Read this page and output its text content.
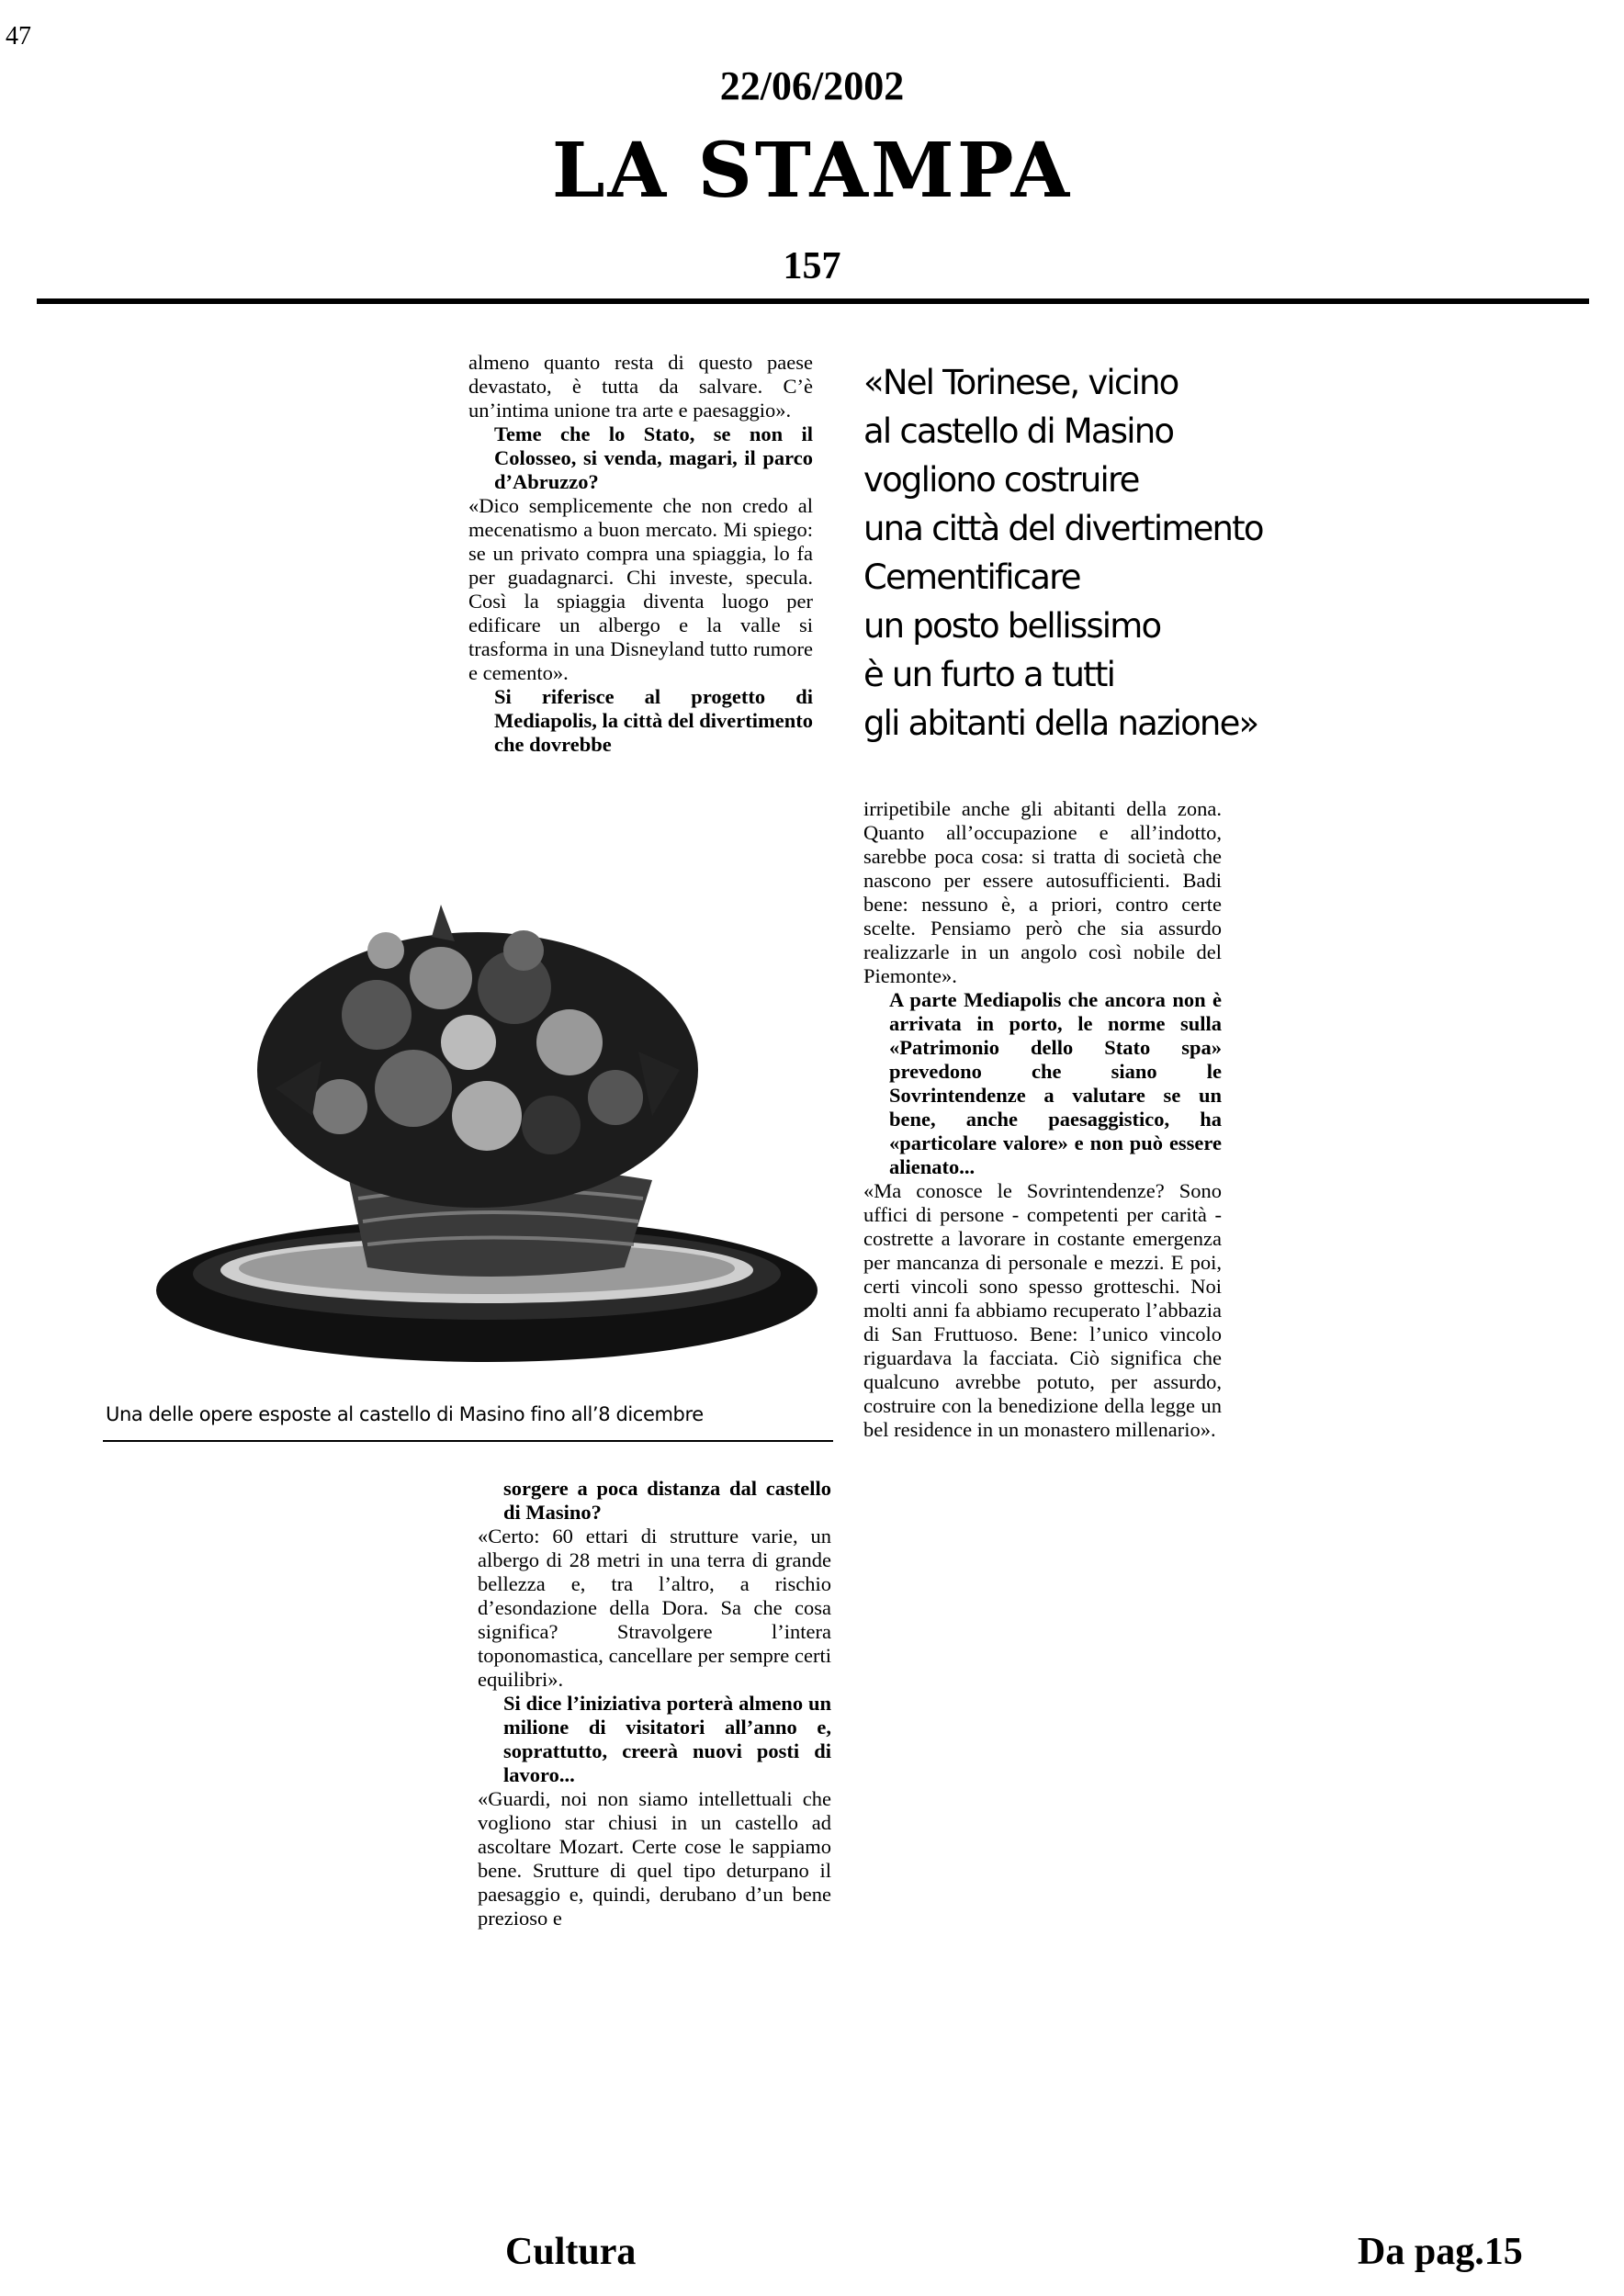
47
22/06/2002
LA STAMPA
157

almeno quanto resta di questo paese devastato, è tutta da salvare. C’è un’intima unione tra arte e paesaggio».

Teme che lo Stato, se non il Colosseo, si venda, magari, il parco d’Abruzzo?

«Dico semplicemente che non credo al mecenatismo a buon mercato. Mi spiego: se un privato compra una spiaggia, lo fa per guadagnarci. Chi investe, specula. Così la spiaggia diventa luogo per edificare un albergo e la valle si trasforma in una Disneyland tutto rumore e cemento».

Si riferisce al progetto di Mediapolis, la città del divertimento che dovrebbe

«Nel Torinese, vicino

al castello di Masino

vogliono costruire

una città del divertimento

Cementificare

un posto bellissimo

è un furto a tutti

gli abitanti della nazione»

irripetibile anche gli abitanti della zona. Quanto all’occupazione e all’indotto, sarebbe poca cosa: si tratta di società che nascono per essere autosufficienti. Badi bene: nessuno è, a priori, contro certe scelte. Pensiamo però che sia assurdo realizzarle in un angolo così nobile del Piemonte».

A parte Mediapolis che ancora non è arrivata in porto, le norme sulla «Patrimonio dello Stato spa» prevedono che siano le Sovrintendenze a valutare se un bene, anche paesaggistico, ha «particolare valore» e non può essere alienato...

«Ma conosce le Sovrintendenze? Sono uffici di persone - competenti per carità - costrette a lavorare in costante emergenza per mancanza di personale e mezzi. E poi, certi vincoli sono spesso grotteschi. Noi molti anni fa abbiamo recuperato l’abbazia di San Fruttuoso. Bene: l’unico vincolo riguardava la facciata. Ciò significa che qualcuno avrebbe potuto, per assurdo, costruire con la benedizione della legge un bel residence in un monastero millenario».

Una delle opere esposte al castello di Masino fino all’8 dicembre

sorgere a poca distanza dal castello di Masino?

«Certo: 60 ettari di strutture varie, un albergo di 28 metri in una terra di grande bellezza e, tra l’altro, a rischio d’esondazione della Dora. Sa che cosa significa? Stravolgere l’intera toponomastica, cancellare per sempre certi equilibri».

Si dice l’iniziativa porterà almeno un milione di visitatori all’anno e, soprattutto, creerà nuovi posti di lavoro...

«Guardi, noi non siamo intellettuali che vogliono star chiusi in un castello ad ascoltare Mozart. Certe cose le sappiamo bene. Srutture di quel tipo deturpano il paesaggio e, quindi, derubano d’un bene prezioso e

Cultura	Da pag.15
